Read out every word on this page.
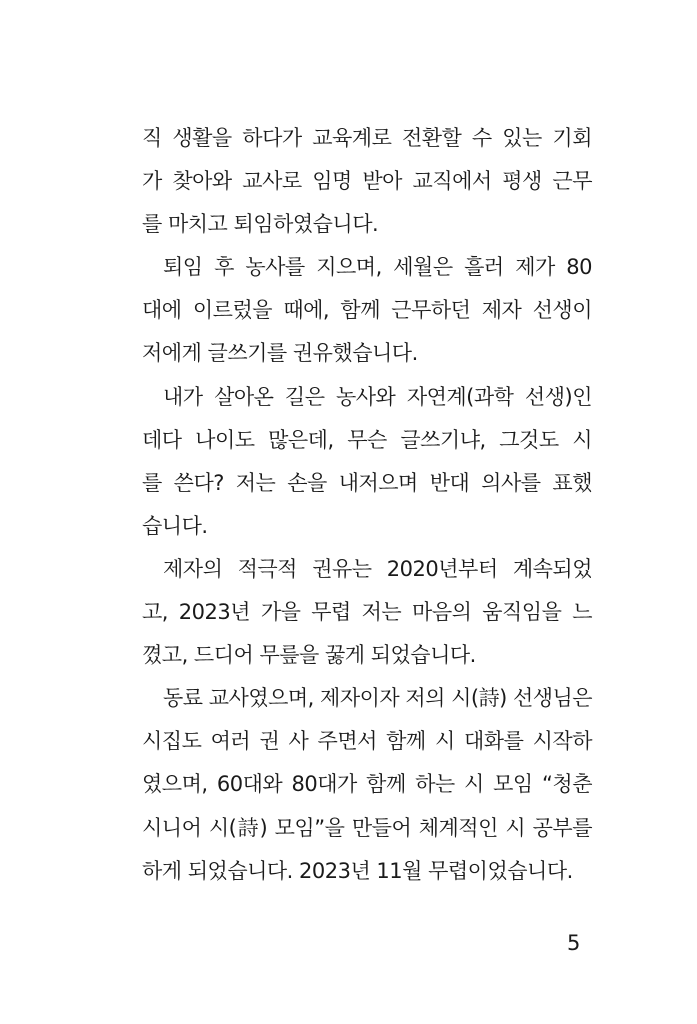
직 생활을 하다가 교육계로 전환할 수 있는 기회
가 찾아와 교사로 임명 받아 교직에서 평생 근무
를 마치고 퇴임하였습니다.
퇴임 후 농사를 지으며, 세월은 흘러 제가 80
대에 이르렀을 때에, 함께 근무하던 제자 선생이
저에게 글쓰기를 권유했습니다.
내가 살아온 길은 농사와 자연계(과학 선생)인
데다 나이도 많은데, 무슨 글쓰기냐, 그것도 시
를 쓴다? 저는 손을 내저으며 반대 의사를 표했
습니다.
제자의 적극적 권유는 2020년부터 계속되었
고, 2023년 가을 무렵 저는 마음의 움직임을 느
꼈고, 드디어 무릎을 꿇게 되었습니다.
동료 교사였으며, 제자이자 저의 시(詩) 선생님은
시집도 여러 권 사 주면서 함께 시 대화를 시작하
였으며, 60대와 80대가 함께 하는 시 모임 “청춘
시니어 시(詩) 모임”을 만들어 체계적인 시 공부를
하게 되었습니다. 2023년 11월 무렵이었습니다.
5
